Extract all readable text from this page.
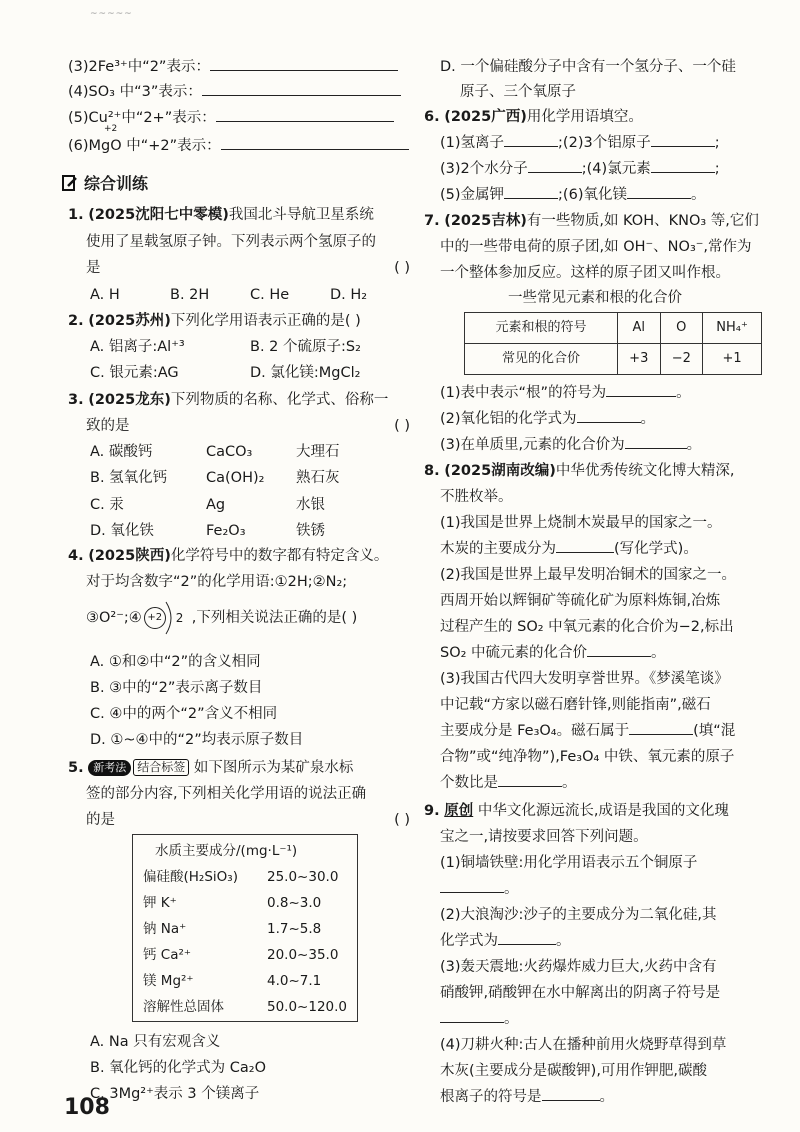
~~~~~
(3)2Fe³⁺中“2”表示：
(4)SO₃ 中“3”表示：
(5)Cu²⁺中“2+”表示：
+2
(6)MgO 中“+2”表示：
综合训练
1. (2025沈阳七中零模)我国北斗导航卫星系统
使用了星载氢原子钟。下列表示两个氢原子的
是	( )
A. H	B. 2H	C. He	D. H₂
2. (2025苏州)下列化学用语表示正确的是( )
A. 铝离子:Al⁺³	B. 2 个硫原子:S₂
C. 银元素:AG	D. 氯化镁:MgCl₂
3. (2025龙东)下列物质的名称、化学式、俗称一
致的是	( )
A. 碳酸钙	CaCO₃	大理石
B. 氢氧化钙	Ca(OH)₂ 熟石灰
C. 汞	Ag	水银
D. 氧化铁	Fe₂O₃	铁锈
4. (2025陕西)化学符号中的数字都有特定含义。
对于均含数字“2”的化学用语:①2H;②N₂;
③O²⁻;④ +2	2 ,下列相关说法正确的是( )
A. ①和②中“2”的含义相同
B. ③中的“2”表示离子数目
C. ④中的两个“2”含义不相同
D. ①~④中的“2”均表示原子数目
5. 新考法 结合标签 如下图所示为某矿泉水标
签的部分内容,下列相关化学用语的说法正确
的是	( )
水质主要成分/(mg·L⁻¹)
偏硅酸(H₂SiO₃) 25.0~30.0
钾 K⁺	0.8~3.0
钠 Na⁺	1.7~5.8
钙 Ca²⁺	20.0~35.0
镁 Mg²⁺	4.0~7.1
溶解性总固体	50.0~120.0
A. Na 只有宏观含义
B. 氧化钙的化学式为 Ca₂O
C. 3Mg²⁺表示 3 个镁离子
108
D. 一个偏硅酸分子中含有一个氢分子、一个硅
原子、三个氧原子
6. (2025广西)用化学用语填空。
(1)氢离子	;(2)3个铝原子	;
(3)2个水分子	;(4)氯元素	;
(5)金属钾	;(6)氧化镁	。
7. (2025吉林)有一些物质,如 KOH、KNO₃ 等,它们
中的一些带电荷的原子团,如 OH⁻、NO₃⁻,常作为
一个整体参加反应。这样的原子团又叫作根。
一些常见元素和根的化合价
元素和根的符号	Al	O	NH₄⁺
常见的化合价	+3	−2	+1
(1)表中表示“根”的符号为	。
(2)氧化铝的化学式为	。
(3)在单质里,元素的化合价为	。
8. (2025湖南改编)中华优秀传统文化博大精深,
不胜枚举。
(1)我国是世界上烧制木炭最早的国家之一。
木炭的主要成分为	(写化学式)。
(2)我国是世界上最早发明冶铜术的国家之一。
西周开始以辉铜矿等硫化矿为原料炼铜,冶炼
过程产生的 SO₂ 中氧元素的化合价为−2,标出
SO₂ 中硫元素的化合价	。
(3)我国古代四大发明享誉世界。《梦溪笔谈》
中记载“方家以磁石磨针锋,则能指南”,磁石
主要成分是 Fe₃O₄。磁石属于	(填“混
合物”或“纯净物”),Fe₃O₄ 中铁、氧元素的原子
个数比是	。
9. 原创 中华文化源远流长,成语是我国的文化瑰
宝之一,请按要求回答下列问题。
(1)铜墙铁壁:用化学用语表示五个铜原子
。
(2)大浪淘沙:沙子的主要成分为二氧化硅,其
化学式为	。
(3)轰天震地:火药爆炸威力巨大,火药中含有
硝酸钾,硝酸钾在水中解离出的阴离子符号是
。
(4)刀耕火种:古人在播种前用火烧野草得到草
木灰(主要成分是碳酸钾),可用作钾肥,碳酸
根离子的符号是	。
